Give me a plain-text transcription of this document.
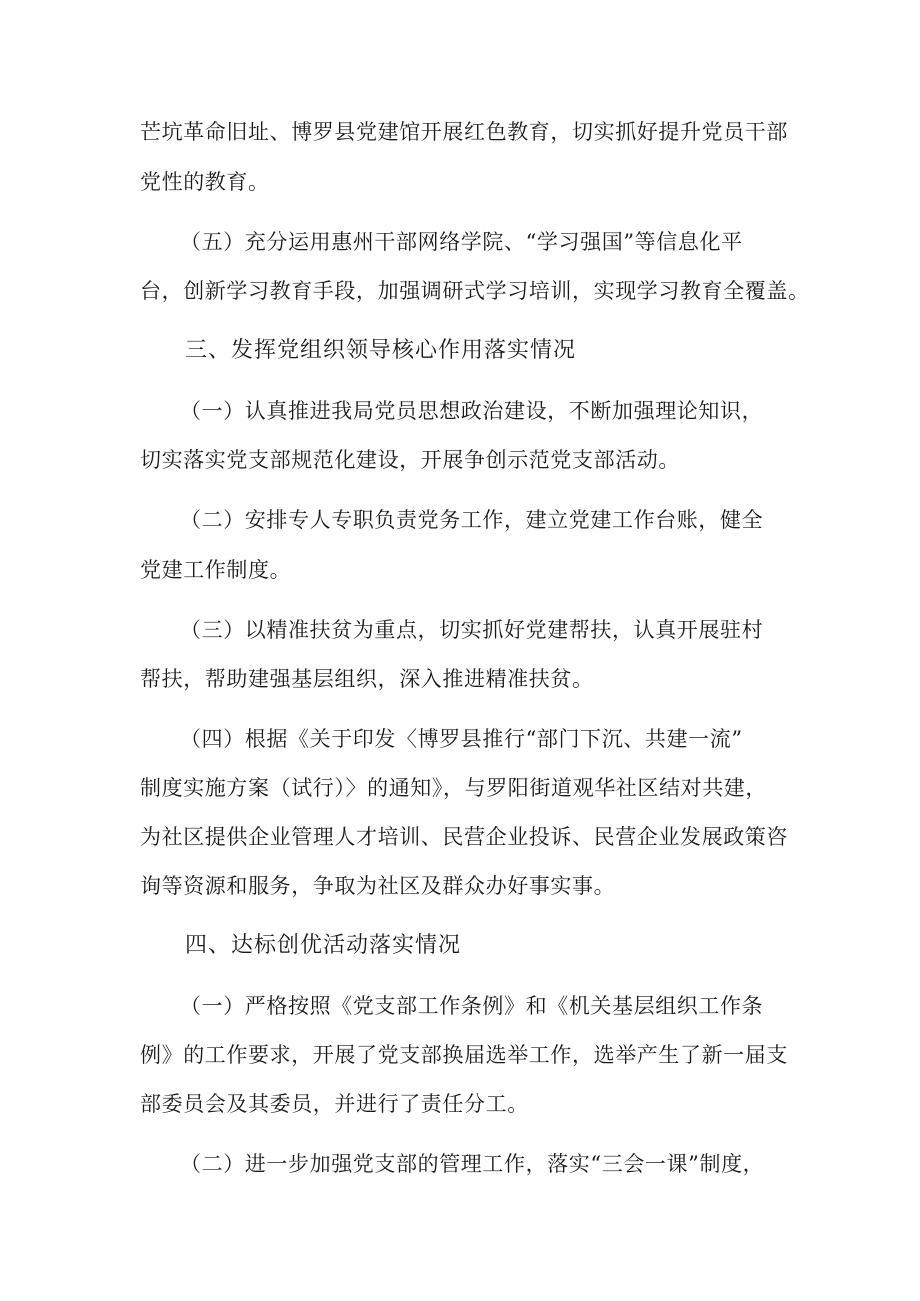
芒坑革命旧址、博罗县党建馆开展红色教育，切实抓好提升党员干部
党性的教育。
（五）充分运用惠州干部网络学院、“学习强国”等信息化平
台，创新学习教育手段，加强调研式学习培训，实现学习教育全覆盖。
三、发挥党组织领导核心作用落实情况
（一）认真推进我局党员思想政治建设，不断加强理论知识，
切实落实党支部规范化建设，开展争创示范党支部活动。
（二）安排专人专职负责党务工作，建立党建工作台账，健全
党建工作制度。
（三）以精准扶贫为重点，切实抓好党建帮扶，认真开展驻村
帮扶，帮助建强基层组织，深入推进精准扶贫。
（四）根据《关于印发〈博罗县推行“部门下沉、共建一流”
制度实施方案（试行）〉的通知》，与罗阳街道观华社区结对共建，
为社区提供企业管理人才培训、民营企业投诉、民营企业发展政策咨
询等资源和服务，争取为社区及群众办好事实事。
四、达标创优活动落实情况
（一）严格按照《党支部工作条例》和《机关基层组织工作条
例》的工作要求，开展了党支部换届选举工作，选举产生了新一届支
部委员会及其委员，并进行了责任分工。
（二）进一步加强党支部的管理工作，落实“三会一课”制度，
